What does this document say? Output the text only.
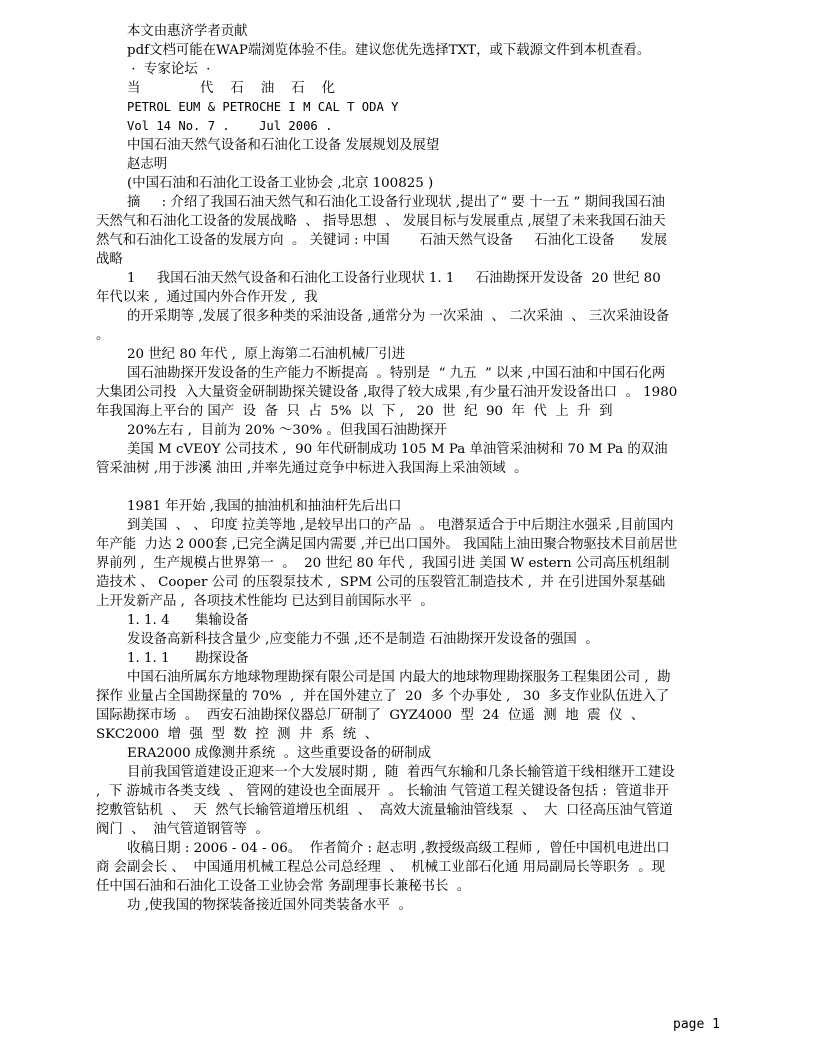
本文由惠济学者贡献
pdf文档可能在WAP端浏览体验不佳。建议您优先选择TXT，或下载源文件到本机查看。
·  专家论坛  ·
当              代    石    油    石    化
PETROL EUM & PETROCHE I M CAL T ODA Y
Vol 14 No. 7 .    Jul 2006 .
中国石油天然气设备和石油化工设备 发展规划及展望
赵志明
(中国石油和石油化工设备工业协会 ,北京 100825 )
摘     : 介绍了我国石油天然气和石油化工设备行业现状 ,提出了“ 要 十一五 ” 期间我国石油天然气和石油化工设备的发展战略  、 指导思想  、 发展目标与发展重点 ,展望了未来我国石油天然气和石油化工设备的发展方向  。 关键词 : 中国       石油天然气设备     石油化工设备      发展战略
1     我国石油天然气设备和石油化工设备行业现状 1. 1     石油勘探开发设备  20 世纪 80 年代以来 ,  通过国内外合作开发 ,  我
的开采期等 ,发展了很多种类的采油设备 ,通常分为 一次采油  、 二次采油  、 三次采油设备  。
20 世纪 80 年代 ,  原上海第二石油机械厂引进
国石油勘探开发设备的生产能力不断提高  。特别是  “ 九五  ” 以来 ,中国石油和中国石化两大集团公司投  入大量资金研制勘探关键设备 ,取得了较大成果 ,有少量石油开发设备出口  。 1980 年我国海上平台的 国产  设  备  只  占  5%  以  下 ,   20  世  纪  90  年  代  上  升  到
20%左右 ,  目前为 20% ～30% 。但我国石油勘探开
美国 M cVE0Y 公司技术 ,  90 年代研制成功 105 M Pa 单油管采油树和 70 M Pa 的双油管采油树 ,用于涉溪 油田 ,并率先通过竞争中标进入我国海上采油领域  。
1981 年开始 ,我国的抽油机和抽油杆先后出口
到美国  、 、 印度 拉美等地 ,是较早出口的产品  。 电潜泵适合于中后期注水强采 ,目前国内年产能  力达 2 000套 ,已完全满足国内需要 ,并已出口国外。 我国陆上油田聚合物驱技术目前居世界前列 ,  生产规模占世界第一  。  20 世纪 80 年代 ,  我国引进 美国 W estern 公司高压机组制造技术 、 Cooper 公司 的压裂泵技术 ,  SPM 公司的压裂管汇制造技术 ,  并 在引进国外泵基础上开发新产品 ,  各项技术性能均 已达到目前国际水平  。
1. 1. 4      集输设备
发设备高新科技含量少 ,应变能力不强 ,还不是制造 石油勘探开发设备的强国  。
1. 1. 1      勘探设备
中国石油所属东方地球物理勘探有限公司是国 内最大的地球物理勘探服务工程集团公司 ,  勘探作 业量占全国勘探量的 70%  ,  并在国外建立了  20  多 个办事处 ,   30  多支作业队伍进入了国际勘探市场  。  西安石油勘探仪器总厂研制了  GYZ4000  型  24  位遥  测  地  震  仪  、  SKC2000  增  强  型  数  控  测  井  系  统  、
ERA2000 成像测井系统  。这些重要设备的研制成
目前我国管道建设正迎来一个大发展时期 ,  随  着西气东输和几条长输管道干线相继开工建设 ,  下 游城市各类支线  、 管网的建设也全面展开  。 长输油 气管道工程关键设备包括 :  管道非开挖敷管钻机  、  天  然气长输管道增压机组  、  高效大流量输油管线泵  、  大  口径高压油气管道阀门  、  油气管道钢管等  。
收稿日期 : 2006 - 04 - 06。  作者简介 : 赵志明 ,教授级高级工程师 ,  曾任中国机电进出口商 会副会长 、  中国通用机械工程总公司总经理  、  机械工业部石化通 用局副局长等职务  。现任中国石油和石油化工设备工业协会常 务副理事长兼秘书长  。
功 ,使我国的物探装备接近国外同类装备水平  。
page 1
